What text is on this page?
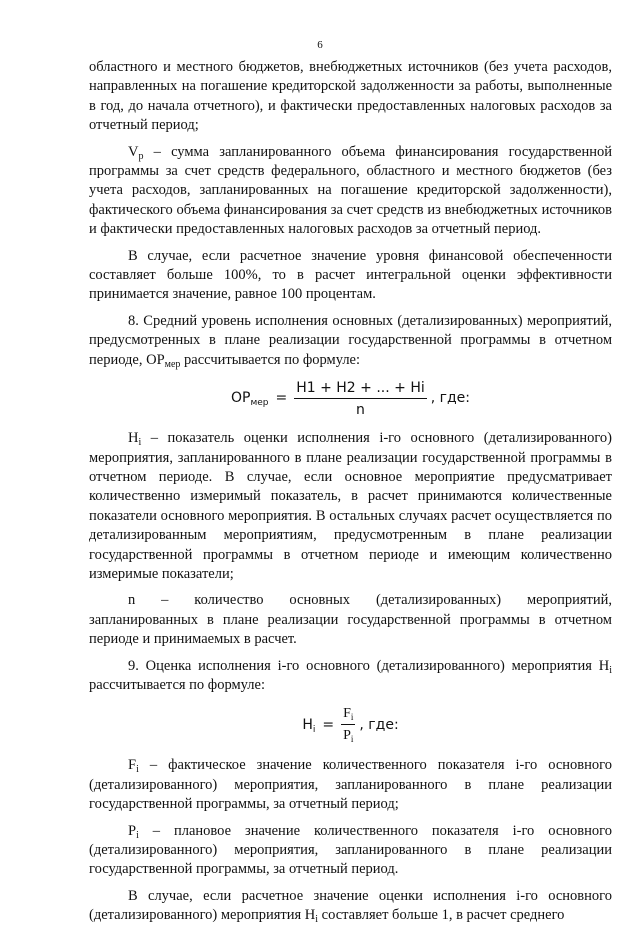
6

областного и местного бюджетов, внебюджетных источников (без учета расходов, направленных на погашение кредиторской задолженности за работы, выполненные в год, до начала отчетного), и фактически предоставленных налоговых расходов за отчетный период;

$V_р$ – сумма запланированного объема финансирования государственной программы за счет средств федерального, областного и местного бюджетов (без учета расходов, запланированных на погашение кредиторской задолженности), фактического объема финансирования за счет средств из внебюджетных источников и фактически предоставленных налоговых расходов за отчетный период.

В случае, если расчетное значение уровня финансовой обеспеченности составляет больше 100%, то в расчет интегральной оценки эффективности принимается значение, равное 100 процентам.

8. Средний уровень исполнения основных (детализированных) мероприятий, предусмотренных в плане реализации государственной программы в отчетном периоде, $ОР_{мер}$ рассчитывается по формуле:

$ОР_{мер} = \frac{Н1 + Н2 + ... + Нi}{n}$ , где:

$Н_i$ – показатель оценки исполнения i-го основного (детализированного) мероприятия, запланированного в плане реализации государственной программы в отчетном периоде. В случае, если основное мероприятие предусматривает количественно измеримый показатель, в расчет принимаются количественные показатели основного мероприятия. В остальных случаях расчет осуществляется по детализированным мероприятиям, предусмотренным в плане реализации государственной программы в отчетном периоде и имеющим количественно измеримые показатели;

n – количество основных (детализированных) мероприятий, запланированных в плане реализации государственной программы в отчетном периоде и принимаемых в расчет.

9. Оценка исполнения i-го основного (детализированного) мероприятия $Н_i$ рассчитывается по формуле:

$Н_i = \frac{F_i}{P_i}$ , где:

$F_i$ – фактическое значение количественного показателя i-го основного (детализированного) мероприятия, запланированного в плане реализации государственной программы, за отчетный период;

$P_i$ – плановое значение количественного показателя i-го основного (детализированного) мероприятия, запланированного в плане реализации государственной программы, за отчетный период.

В случае, если расчетное значение оценки исполнения i-го основного (детализированного) мероприятия $Н_i$ составляет больше 1, в расчет среднего
